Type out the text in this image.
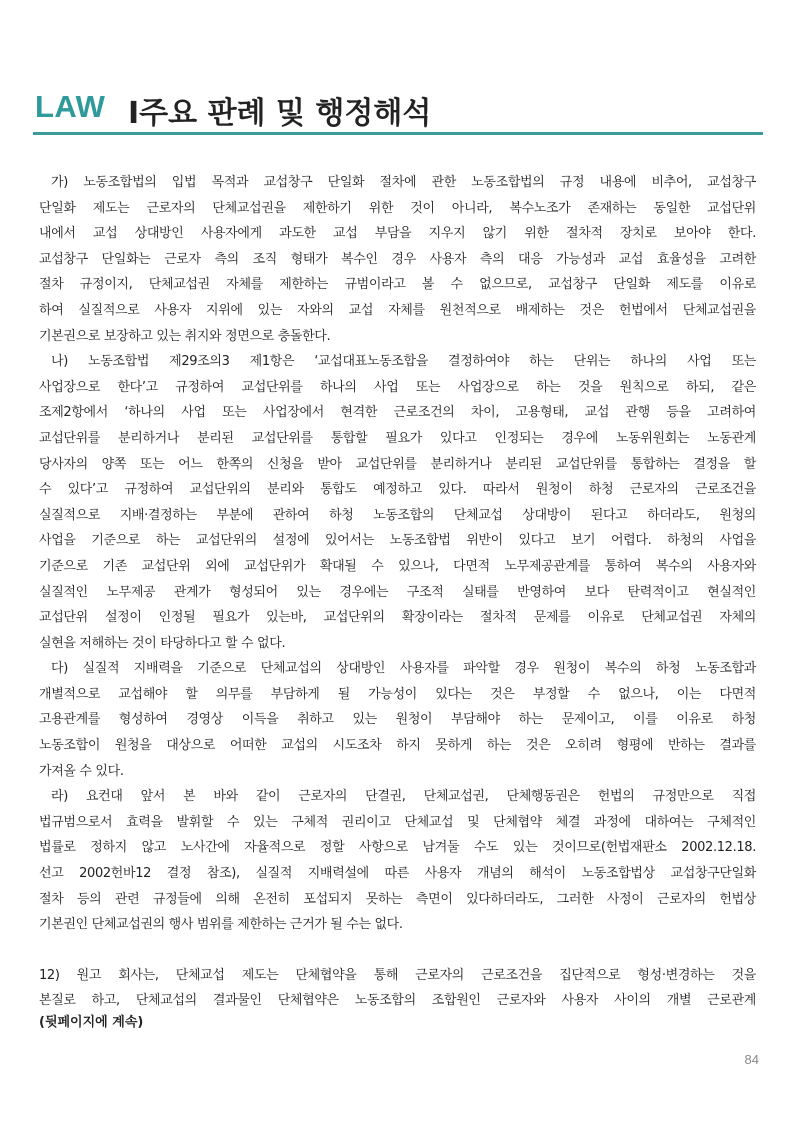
LAW Ⅰ주요 판례 및 행정해석
가) 노동조합법의 입법 목적과 교섭창구 단일화 절차에 관한 노동조합법의 규정 내용에 비추어, 교섭창구
단일화 제도는 근로자의 단체교섭권을 제한하기 위한 것이 아니라, 복수노조가 존재하는 동일한 교섭단위
내에서 교섭 상대방인 사용자에게 과도한 교섭 부담을 지우지 않기 위한 절차적 장치로 보아야 한다.
교섭창구 단일화는 근로자 측의 조직 형태가 복수인 경우 사용자 측의 대응 가능성과 교섭 효율성을 고려한
절차 규정이지, 단체교섭권 자체를 제한하는 규범이라고 볼 수 없으므로, 교섭창구 단일화 제도를 이유로
하여 실질적으로 사용자 지위에 있는 자와의 교섭 자체를 원천적으로 배제하는 것은 헌법에서 단체교섭권을
기본권으로 보장하고 있는 취지와 정면으로 충돌한다.
나) 노동조합법 제29조의3 제1항은 ‘교섭대표노동조합을 결정하여야 하는 단위는 하나의 사업 또는
사업장으로 한다’고 규정하여 교섭단위를 하나의 사업 또는 사업장으로 하는 것을 원칙으로 하되, 같은
조제2항에서 ‘하나의 사업 또는 사업장에서 현격한 근로조건의 차이, 고용형태, 교섭 관행 등을 고려하여
교섭단위를 분리하거나 분리된 교섭단위를 통합할 필요가 있다고 인정되는 경우에 노동위원회는 노동관계
당사자의 양쪽 또는 어느 한쪽의 신청을 받아 교섭단위를 분리하거나 분리된 교섭단위를 통합하는 결정을 할
수 있다’고 규정하여 교섭단위의 분리와 통합도 예정하고 있다. 따라서 원청이 하청 근로자의 근로조건을
실질적으로 지배·결정하는 부분에 관하여 하청 노동조합의 단체교섭 상대방이 된다고 하더라도, 원청의
사업을 기준으로 하는 교섭단위의 설정에 있어서는 노동조합법 위반이 있다고 보기 어렵다. 하청의 사업을
기준으로 기존 교섭단위 외에 교섭단위가 확대될 수 있으나, 다면적 노무제공관계를 통하여 복수의 사용자와
실질적인 노무제공 관계가 형성되어 있는 경우에는 구조적 실태를 반영하여 보다 탄력적이고 현실적인
교섭단위 설정이 인정될 필요가 있는바, 교섭단위의 확장이라는 절차적 문제를 이유로 단체교섭권 자체의
실현을 저해하는 것이 타당하다고 할 수 없다.
다) 실질적 지배력을 기준으로 단체교섭의 상대방인 사용자를 파악할 경우 원청이 복수의 하청 노동조합과
개별적으로 교섭해야 할 의무를 부담하게 될 가능성이 있다는 것은 부정할 수 없으나, 이는 다면적
고용관계를 형성하여 경영상 이득을 취하고 있는 원청이 부담해야 하는 문제이고, 이를 이유로 하청
노동조합이 원청을 대상으로 어떠한 교섭의 시도조차 하지 못하게 하는 것은 오히려 형평에 반하는 결과를
가져올 수 있다.
라) 요컨대 앞서 본 바와 같이 근로자의 단결권, 단체교섭권, 단체행동권은 헌법의 규정만으로 직접
법규범으로서 효력을 발휘할 수 있는 구체적 권리이고 단체교섭 및 단체협약 체결 과정에 대하여는 구체적인
법률로 정하지 않고 노사간에 자율적으로 정할 사항으로 남겨둘 수도 있는 것이므로(헌법재판소 2002.12.18.
선고 2002헌바12 결정 참조), 실질적 지배력설에 따른 사용자 개념의 해석이 노동조합법상 교섭창구단일화
절차 등의 관련 규정들에 의해 온전히 포섭되지 못하는 측면이 있다하더라도, 그러한 사정이 근로자의 헌법상
기본권인 단체교섭권의 행사 범위를 제한하는 근거가 될 수는 없다.
12) 원고 회사는, 단체교섭 제도는 단체협약을 통해 근로자의 근로조건을 집단적으로 형성·변경하는 것을
본질로 하고, 단체교섭의 결과물인 단체협약은 노동조합의 조합원인 근로자와 사용자 사이의 개별 근로관계

(뒷페이지에 계속)

84
